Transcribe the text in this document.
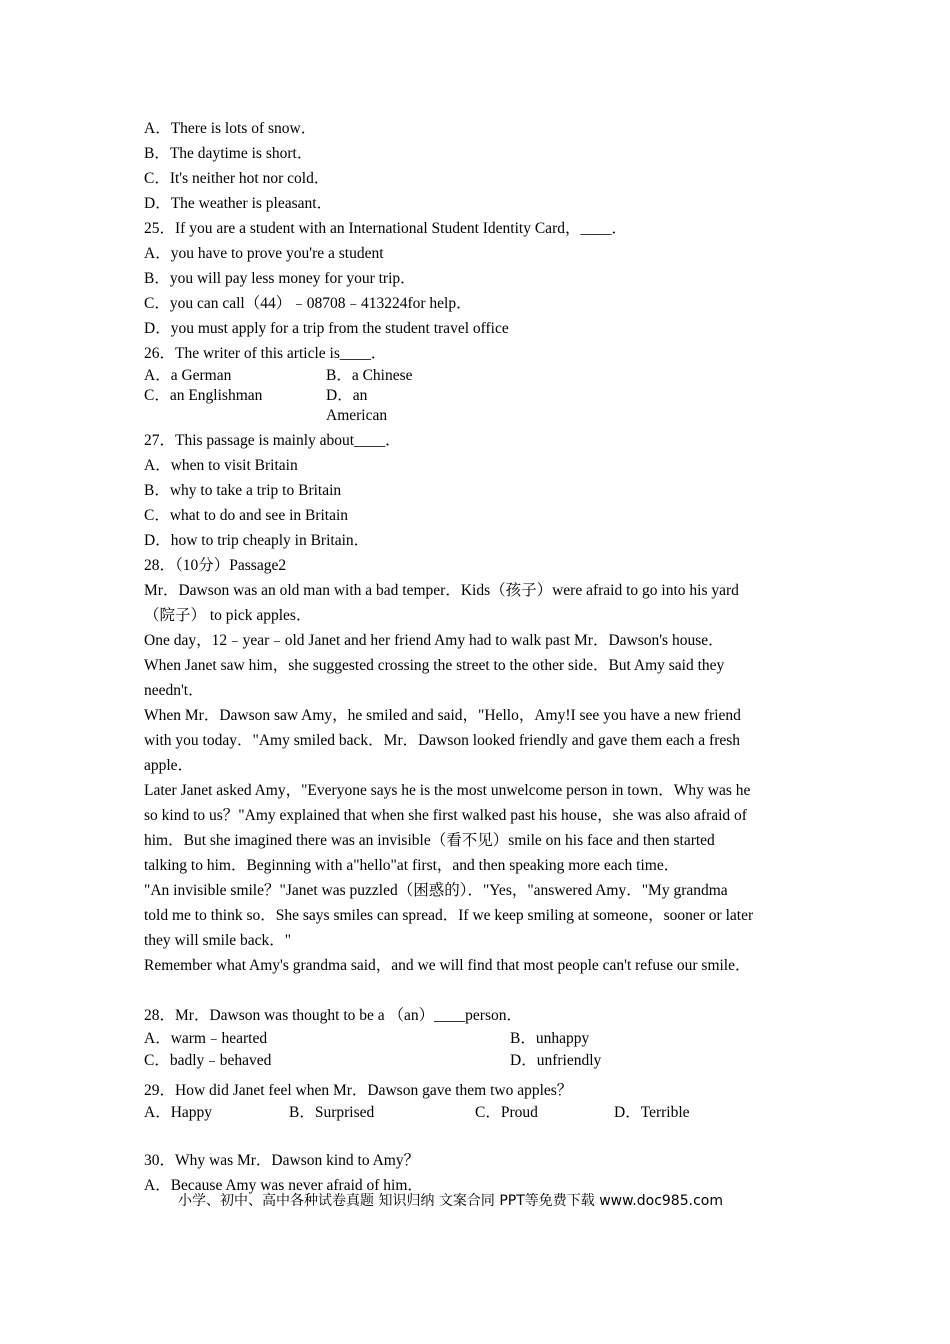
A．There is lots of snow．
B．The daytime is short．
C．It's neither hot nor cold．
D．The weather is pleasant．
25．If you are a student with an International Student Identity Card，____．
A．you have to prove you're a student
B．you will pay less money for your trip．
C．you can call（44）﹣08708﹣413224for help．
D．you must apply for a trip from the student travel office
26．The writer of this article is____．
A．a German	B．a Chinese
C．an Englishman	D．an
American
27．This passage is mainly about____．
A．when to visit Britain
B．why to take a trip to Britain
C．what to do and see in Britain
D．how to trip cheaply in Britain．
28．（10分）Passage2
Mr．Dawson was an old man with a bad temper．Kids（孩子）were afraid to go into his yard
（院子） to pick apples．
One day，12﹣year﹣old Janet and her friend Amy had to walk past Mr．Dawson's house．
When Janet saw him，she suggested crossing the street to the other side．But Amy said they
needn't．
When Mr．Dawson saw Amy，he smiled and said，"Hello，Amy!I see you have a new friend
with you today．"Amy smiled back．Mr．Dawson looked friendly and gave them each a fresh
apple．
Later Janet asked Amy，"Everyone says he is the most unwelcome person in town．Why was he
so kind to us？"Amy explained that when she first walked past his house，she was also afraid of
him．But she imagined there was an invisible（看不见）smile on his face and then started
talking to him．Beginning with a"hello"at first，and then speaking more each time．
"An invisible smile？"Janet was puzzled（困惑的）．"Yes，"answered Amy．"My grandma
told me to think so．She says smiles can spread．If we keep smiling at someone，sooner or later
they will smile back．"
Remember what Amy's grandma said，and we will find that most people can't refuse our smile．
28．Mr．Dawson was thought to be a （an）____person．
A．warm﹣hearted	B．unhappy
C．badly﹣behaved	D．unfriendly
29．How did Janet feel when Mr．Dawson gave them two apples？
A．Happy	B．Surprised	C．Proud	D．Terrible
30．Why was Mr．Dawson kind to Amy？
A．Because Amy was never afraid of him．
小学、初中、高中各种试卷真题 知识归纳 文案合同 PPT等免费下载 www.doc985.com
